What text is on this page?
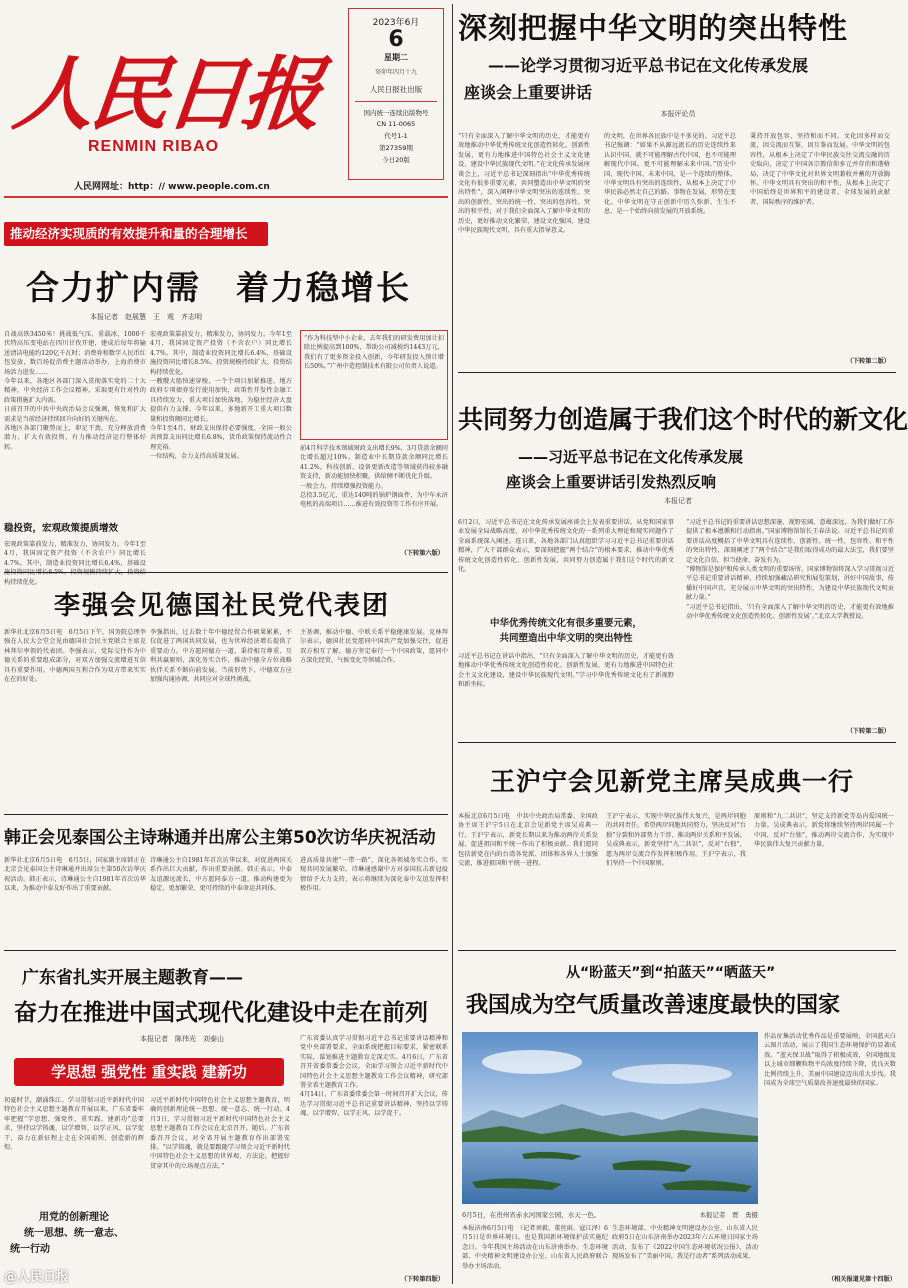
人民日报
RENMIN RIBAO
人民网网址：http：// www.people.com.cn
2023年6月
6
星期二
癸卯年四月十九
人民日报社出版
国内统一连续出版物号
CN 11-0065
代号1-1
第27359期
今日20版
深刻把握中华文明的突出特性
——论学习贯彻习近平总书记在文化传承发展
座谈会上重要讲话
本报评论员
“只有全面深入了解中华文明的历史，才能更有效地推动中华优秀传统文化创造性转化、创新性发展，更有力地推进中国特色社会主义文化建设，建设中华民族现代文明。”在文化传承发展座谈会上，习近平总书记深刻指出“中华优秀传统文化有很多重要元素，共同塑造出中华文明的突出特性”，深入阐释中华文明突出的连续性、突出的创新性、突出的统一性、突出的包容性、突出的和平性，对于我们全面深入了解中华文明的历史，更好推动文化繁荣、建设文化强国、建设中华民族现代文明，具有重大指导意义。
的文明，在世界各民族中是不多见的。习近平总书记强调：“如果不从源远流长的历史连续性来认识中国，就不可能理解古代中国，也不可能理解现代中国，更不可能理解未来中国。”历史中国、现代中国、未来中国，是一个连续的整体。中华文明具有突出的连续性，从根本上决定了中华民族必然走自己的路。事物在发展，形势在变化。中华文明在守正创新中历久弥新、生生不息，是一个始终向前发展的开放系统。
秉持开放包容，坚持和而不同。文化因多样而交流，因交流而互鉴，因互鉴而发展。中华文明的包容性，从根本上决定了中华民族交往交流交融的历史取向，决定了中国各宗教信仰多元并存的和谐格局，决定了中华文化对世界文明兼收并蓄的开放胸怀。中华文明具有突出的和平性，从根本上决定了中国始终是世界和平的建设者、全球发展的贡献者、国际秩序的维护者。
（下转第二版）
推动经济实现质的有效提升和量的合理增长
合力扩内需　着力稳增长
本报记者　赵展慧　王　观　齐志明
自战高铁3450米！挑战低气压、重载冰，1000千伏特高压变电站在四川甘孜开建，建成后每年将输送清洁电能约120亿千瓦时；消费券和数字人民币红包发放，数百场促消费主题活动举办，上海消费市场活力进发……
今年以来，各地区各部门深入贯彻落实党的二十大精神，中央经济工作会议精神，采取更有针对性的政策措施扩大内需。
日前召开的中共中央政治局会议强调，恢复和扩大需求是当前经济持续回升向好的关键所在。
各地区各部门聚势而上，卯足干劲，充分释放消费潜力，扩大有效投资，有力推动经济运行整体好转。
稳投资，宏观政策提质增效
宏观政策靠前发力，精准发力，协同发力。今年1至4月，我国固定资产投资（不含农户）同比增长4.7%，其中，制造业投资同比增长6.4%，基础设 构持续优化。
宏观政策靠前发力，精准发力，协同发力。今年1至4月，我国固定资产投资（不含农户）同比增长4.7%，其中，制造业投资同比增长6.4%，基础设施投资同比增长8.5%。投资规模持续扩大，投资结构持续优化。
一艘艘大船快速穿梭，一个个项目加紧推进。地方政府专项债券发行使用加快，政策性开发性金融工具持续发力，重大项目加快落地，为稳住经济大盘提供有力支撑。今年以来，多地新开工重大项目数量和投资额同比增长。
今年1至4月，财政支出保持必要强度，全国一般公共预算支出同比增长6.8%，货币政策保持流动性合理充裕。
一位结构，金力支持高质量发展。
“作为科技型中小企业，去年我们的研发费用加计扣除比例提高到100%，帮助公司减税约1443万元，我们有了更多资金投入创新，今年研发投入预计增长50%。”广州中造控制技术有限公司负责人说道。
前4月科学技术领域财政支出增长9%，3月贷款余额同比增长超过10%。制造业中长期贷款余额同比增长41.2%，科技创新、设备更新改造等领域获得较多融资支持，新动能加快积聚，供给侧不断优化升级。
一般会力，持续增强投资能力。
总投3.5亿元，重达140吨的锅炉钢面件，为中车永济电机的高端项目……推进有效投资等工作有序开展。
（下转第六版）
共同努力创造属于我们这个时代的新文化
——习近平总书记在文化传承发展
座谈会上重要讲话引发热烈反响
本报记者
6月2日，习近平总书记在文化传承发展座谈会上发表重要讲话，从党和国家事业发展全局战略高度，对中华优秀传统文化的一系列重大理论和现实问题作了全面系统深入阐述。连日来，各地各部门认真组织学习习近平总书记重要讲话精神，广大干部群众表示，要深刻把握“两个结合”的根本要求，推动中华优秀传统文化创造性转化、创新性发展，共同努力创造属于我们这个时代的新文化。
中华优秀传统文化有很多重要元素，
共同塑造出中华文明的突出特性
习近平总书记在讲话中指出，“只有全面深入了解中华文明的历史，才能更有效地推动中华优秀传统文化创造性转化、创新性发展，更有力地推进中国特色社会主义文化建设，建设中华民族现代文明。”学习中华优秀传统文化有了新视野和新坐标。
“习近平总书记的重要讲话思想深邃、视野宏阔、意蕴深远，为我们做好工作提供了根本遵循和行动指南。”国家博物馆馆长王春法说。习近平总书记的重要讲话高度概括了中华文明具有连续性、创新性、统一性、包容性、和平性的突出特性，深刻阐述了“两个结合”是我们取得成功的最大法宝，我们要坚定文化自信，担当使命、奋发有为。
“博物馆是保护和传承人类文明的重要场所。国家博物馆将深入学习贯彻习近平总书记重要讲话精神，持续加强藏品研究和展览策划，讲好中国故事，传播好中国声音，充分展示中华文明的突出特性，为建设中华民族现代文明贡献力量。”
“习近平总书记指出，‘只有全面深入了解中华文明的历史，才能更有效地推动中华优秀传统文化创造性转化、创新性发展’。”北京大学教授说。
（下转第二版）
李强会见德国社民党代表团
新华社北京6月5日电　6月5日下午，国务院总理李强在人民大会堂会见由德国社会民主党联合主席克林拜尔率领的代表团。李强表示，党际交往作为中德关系的重要组成部分，对双方加强交流增进互信具有重要作用。中德两国互利合作为双方带来实实在在的好处。
李强指出，过去数十年中德经贸合作硕果累累，不仅促进了两国共同发展，也为世界经济增长提供了重要动力。中方愿同德方一道，秉持相互尊重、互利共赢原则，深化务实合作，推动中德全方位战略伙伴关系不断向前发展。当前形势下，中德双方应加强沟通协调，共同应对全球性挑战。
主基调，推动中德、中欧关系平稳健康发展。克林拜尔表示，德国社民党愿同中国共产党加强交往，促进双方相互了解。德方坚定奉行一个中国政策，愿同中方深化经贸、气候变化等领域合作。
韩正会见泰国公主诗琳通并出席公主第50次访华庆祝活动
新华社北京6月5日电　6月5日，国家副主席韩正在北京会见泰国公主诗琳通并出席公主第50次访华庆祝活动。韩正表示，诗琳通公主自1981年首次访华以来，为推动中泰友好作出了重要贡献。
诗琳通公主自1981年首次访华以来，对促进两国关系作出巨大贡献，作出重要贡献。韩正表示，中泰友谊源远流长，中方愿同泰方一道，推动构建更为稳定、更加繁荣、更可持续的中泰命运共同体。
进高质量共建“一带一路”，深化各领域务实合作，实现共同发展繁荣。诗琳通感谢中方对泰国抗击新冠疫情给予大力支持，表示将继续为深化泰中友谊发挥积极作用。
王沪宁会见新党主席吴成典一行
本报北京6月5日电　中共中央政治局常委、全国政协主席王沪宁5日在北京会见新党主席吴成典一行。王沪宁表示，新党长期以来为推动两岸关系发展、促进祖国和平统一作出了积极贡献。我们愿同包括新党在内的台湾各党派、团体和各界人士加强交流，推进祖国和平统一进程。
王沪宁表示，实现中华民族伟大复兴，是两岸同胞的共同责任。希望两岸同胞共同努力，坚决反对“台独”分裂和外部势力干涉，推动两岸关系和平发展。吴成典表示，新党坚持“九二共识”，反对“台独”，愿为两岸交流合作发挥积极作用。王沪宁表示，我们坚持一个中国原则。
原则和“九二共识”，坚定支持新党等岛内爱国统一力量。吴成典表示，新党将继续坚持两岸同属一个中国，反对“台独”，推动两岸交流合作，为实现中华民族伟大复兴贡献力量。
广东省扎实开展主题教育——
奋力在推进中国式现代化建设中走在前列
本报记者　陈伟光　刘泰山
学思想 强党性 重实践 建新功
初夏时节，潮涌珠江。学习贯彻习近平新时代中国特色社会主义思想主题教育开展以来，广东省委牢牢把握“学思想、强党性、重实践、建新功”总要求，坚持以学铸魂、以学增智、以学正风、以学促干，奋力在新征程上走在全国前列、创造新的辉煌。
用党的创新理论
统一思想、统一意志、
统一行动
习近平新时代中国特色社会主义思想主题教育，明确的创新理论统一思想、统一意志、统一行动。4月3日，学习贯彻习近平新时代中国特色社会主义思想主题教育工作会议在北京召开。随后，广东省委召开会议，对全省开展主题教育作出部署安排。“以学铸魂，就是要跟随学习领会习近平新时代中国特色社会主义思想的世界观、方法论，把握好贯穿其中的立场观点方法。”
广东省委认真学习贯彻习近平总书记重要讲话精神和党中央部署要求，全面系统把握目标要求，紧密联系实际，谋划推进主题教育走深走实。4月6日，广东省召开省委常委会会议，全面学习领会习近平新时代中国特色社会主义思想主题教育工作会议精神，研究部署全省主题教育工作。
4月14日，广东省委常委会第一时间召开扩大会议，传达学习贯彻习近平总书记重要讲话精神，坚持以学铸魂、以学增智、以学正风、以学促干。
（下转第四版）
从“盼蓝天”到“拍蓝天”“晒蓝天”
我国成为空气质量改善速度最快的国家
6月5日，在贵州省赤水河国家公园，水天一色。	本报记者　贾　勇摄
作品征集活动优秀作品是重要展映，全国蓝天白云图片活动，展示了我国生态环境保护的显著成效。“蓝天保卫战”取得了积极成效，全国地级及以上城市细颗粒物平均浓度持续下降，优良天数比例持续上升，美丽中国建设迈出重大步伐。我国成为全球空气质量改善速度最快的国家。
本报济南6月5日电　（记者刘毅、董丝雨、寇江泽）6月5日是世界环境日，也是我国新环境保护法实施纪念日。今年我国主场活动在山东济南举办。生态环境部、中央精神文明建设办公室、山东省人民政府联合举办主场活动。
生态环境部、中央精神文明建设办公室、山东省人民政府5日在山东济南举办2023年六五环境日国家主场活动，发布了《2022中国生态环境状况公报》，活动现场发布了“美丽中国，我是行动者”系列活动成果。
（相关报道见第十四版）
@人民日报
